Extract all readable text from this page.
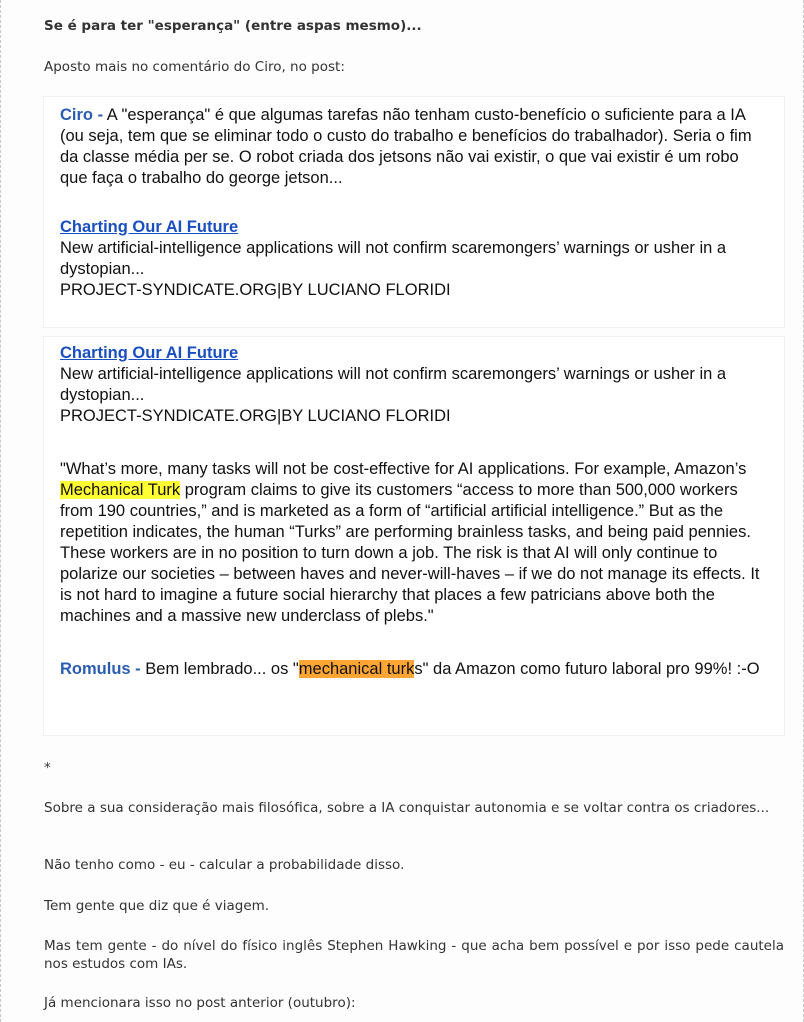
Se é para ter "esperança" (entre aspas mesmo)...

Aposto mais no comentário do Ciro, no post:

Ciro - A "esperança" é que algumas tarefas não tenham custo-benefício o suficiente para a IA (ou seja, tem que se eliminar todo o custo do trabalho e benefícios do trabalhador). Seria o fim da classe média per se. O robot criada dos jetsons não vai existir, o que vai existir é um robo que faça o trabalho do george jetson...
Charting Our AI Future
New artificial-intelligence applications will not confirm scaremongers’ warnings or usher in a dystopian...
PROJECT-SYNDICATE.ORG|BY LUCIANO FLORIDI
Charting Our AI Future
New artificial-intelligence applications will not confirm scaremongers’ warnings or usher in a dystopian...
PROJECT-SYNDICATE.ORG|BY LUCIANO FLORIDI
"What’s more, many tasks will not be cost-effective for AI applications. For example, Amazon’s Mechanical Turk program claims to give its customers “access to more than 500,000 workers from 190 countries,” and is marketed as a form of “artificial artificial intelligence.” But as the repetition indicates, the human “Turks” are performing brainless tasks, and being paid pennies. These workers are in no position to turn down a job. The risk is that AI will only continue to polarize our societies – between haves and never-will-haves – if we do not manage its effects. It is not hard to imagine a future social hierarchy that places a few patricians above both the machines and a massive new underclass of plebs."
Romulus - Bem lembrado... os "mechanical turks" da Amazon como futuro laboral pro 99%! :-O

*

Sobre a sua consideração mais filosófica, sobre a IA conquistar autonomia e se voltar contra os criadores...

Não tenho como - eu - calcular a probabilidade disso.

Tem gente que diz que é viagem.

Mas tem gente - do nível do físico inglês Stephen Hawking - que acha bem possível e por isso pede cautela nos estudos com IAs.

Já mencionara isso no post anterior (outubro):
